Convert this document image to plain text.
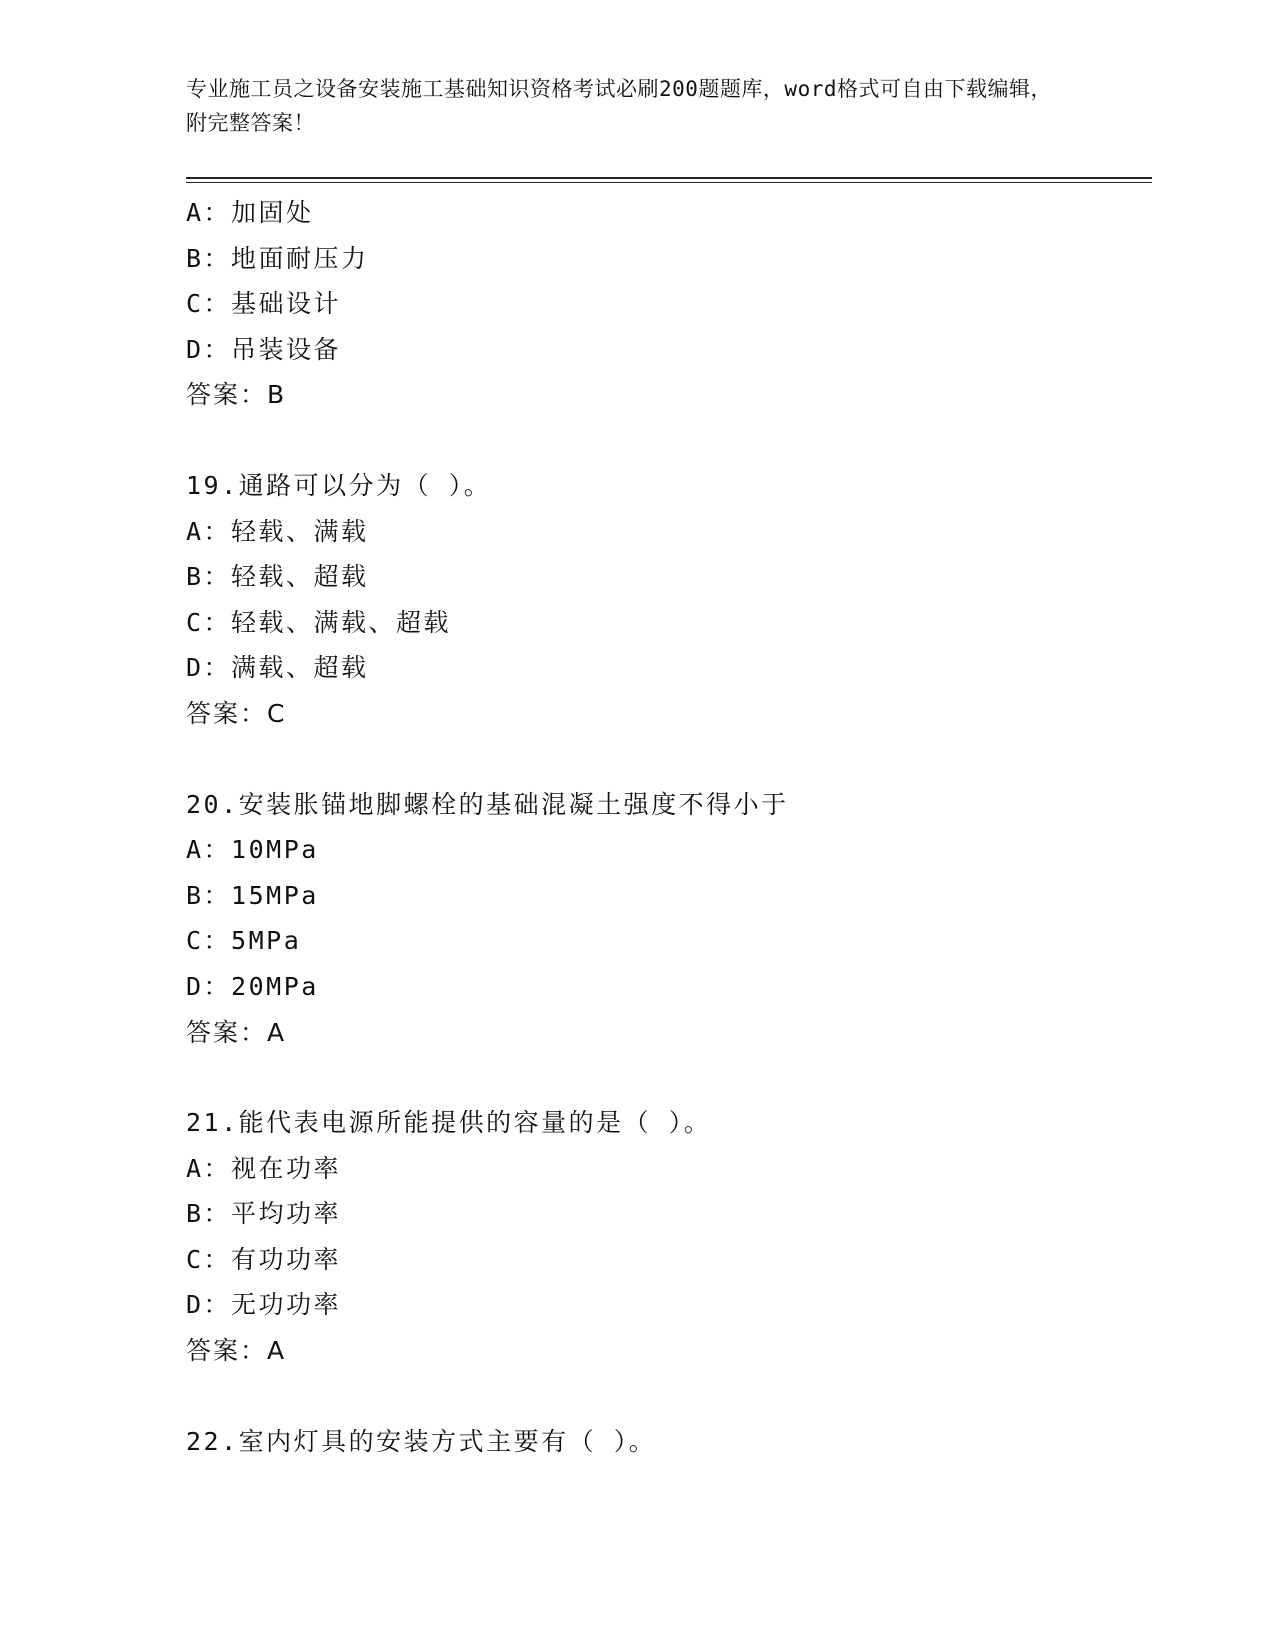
专业施工员之设备安装施工基础知识资格考试必刷200题题库，word格式可自由下载编辑，附完整答案！
A：加固处
B：地面耐压力
C：基础设计
D：吊装设备
答案：B
19.通路可以分为（ ）。
A：轻载、满载
B：轻载、超载
C：轻载、满载、超载
D：满载、超载
答案：C
20.安装胀锚地脚螺栓的基础混凝土强度不得小于
A：10MPa
B：15MPa
C：5MPa
D：20MPa
答案：A
21.能代表电源所能提供的容量的是（ ）。
A：视在功率
B：平均功率
C：有功功率
D：无功功率
答案：A
22.室内灯具的安装方式主要有（ ）。
